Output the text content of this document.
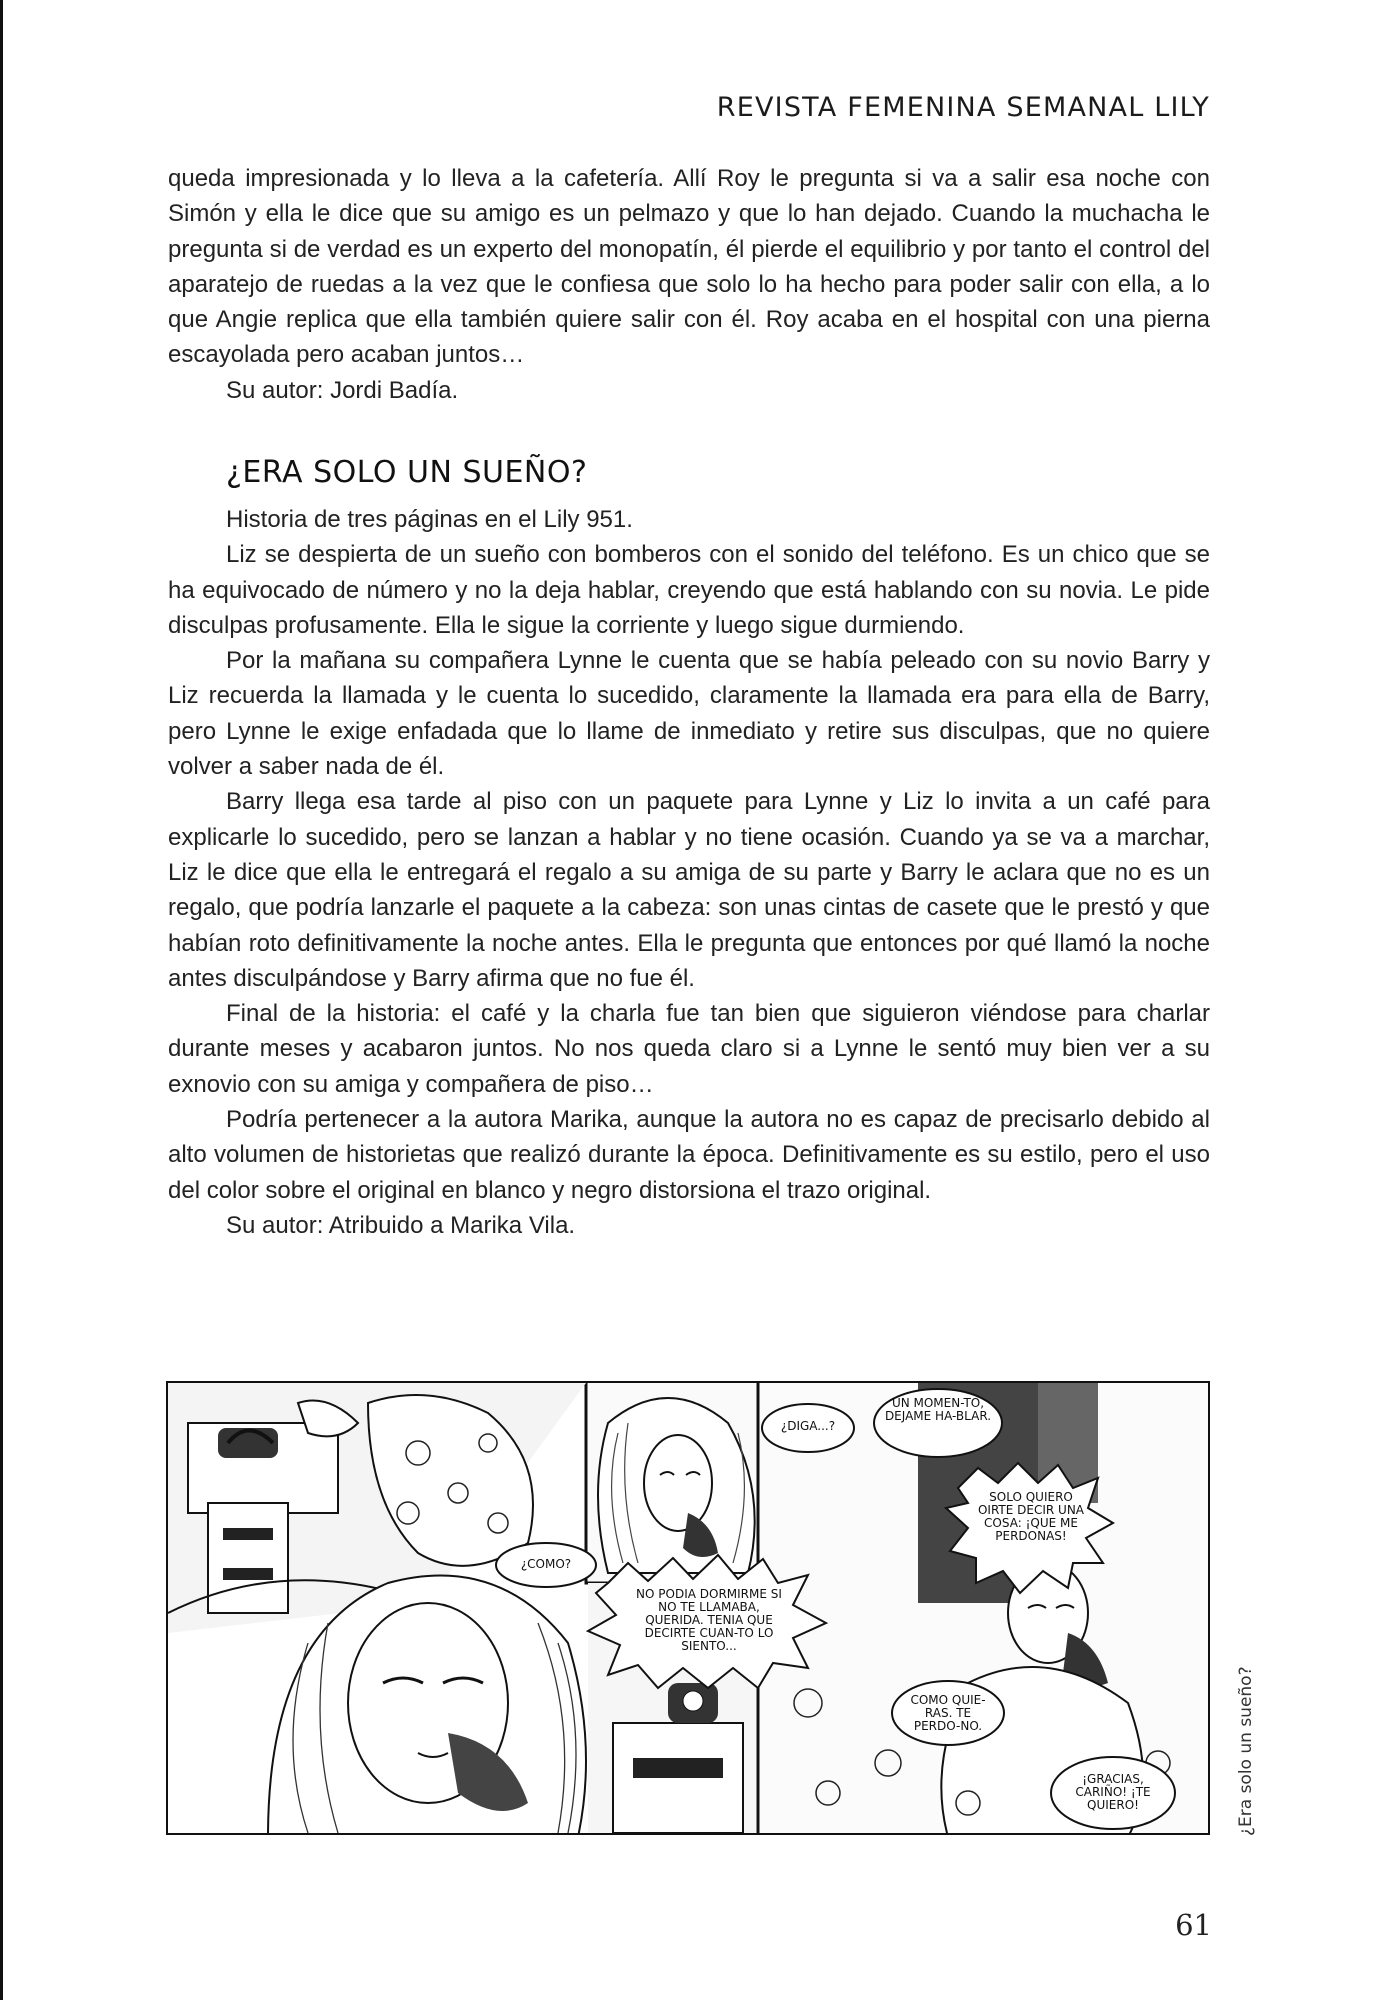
REVISTA FEMENINA SEMANAL LILY

queda impresionada y lo lleva a la cafetería. Allí Roy le pregunta si va a salir esa noche con Simón y ella le dice que su amigo es un pelmazo y que lo han dejado. Cuando la muchacha le pregunta si de verdad es un experto del monopatín, él pierde el equilibrio y por tanto el control del aparatejo de ruedas a la vez que le confiesa que solo lo ha hecho para poder salir con ella, a lo que Angie replica que ella también quiere salir con él. Roy acaba en el hospital con una pierna escayolada pero acaban juntos…

Su autor: Jordi Badía.

¿ERA SOLO UN SUEÑO?

Historia de tres páginas en el Lily 951.

Liz se despierta de un sueño con bomberos con el sonido del teléfono. Es un chico que se ha equivocado de número y no la deja hablar, creyendo que está hablando con su novia. Le pide disculpas profusamente. Ella le sigue la corriente y luego sigue durmiendo.

Por la mañana su compañera Lynne le cuenta que se había peleado con su novio Barry y Liz recuerda la llamada y le cuenta lo sucedido, claramente la llamada era para ella de Barry, pero Lynne le exige enfadada que lo llame de inmediato y retire sus disculpas, que no quiere volver a saber nada de él.

Barry llega esa tarde al piso con un paquete para Lynne y Liz lo invita a un café para explicarle lo sucedido, pero se lanzan a hablar y no tiene ocasión. Cuando ya se va a marchar, Liz le dice que ella le entregará el regalo a su amiga de su parte y Barry le aclara que no es un regalo, que podría lanzarle el paquete a la cabeza: son unas cintas de casete que le prestó y que habían roto definitivamente la noche antes. Ella le pregunta que entonces por qué llamó la noche antes disculpándose y Barry afirma que no fue él.

Final de la historia: el café y la charla fue tan bien que siguieron viéndose para charlar durante meses y acabaron juntos. No nos queda claro si a Lynne le sentó muy bien ver a su exnovio con su amiga y compañera de piso…

Podría pertenecer a la autora Marika, aunque la autora no es capaz de precisarlo debido al alto volumen de historietas que realizó durante la época. Definitivamente es su estilo, pero el uso del color sobre el original en blanco y negro distorsiona el trazo original.

Su autor: Atribuido a Marika Vila.

¿DIGA...?
UN MOMEN-TO, DEJAME HA-BLAR.
SOLO QUIERO OIRTE DECIR UNA COSA: ¡QUE ME PERDONAS!
¿COMO?
NO PODIA DORMIRME SI NO TE LLAMABA, QUERIDA. TENIA QUE DECIRTE CUAN-TO LO SIENTO...
COMO QUIE-RAS. TE PERDO-NO.
¡GRACIAS, CARIÑO! ¡TE QUIERO!	¿Era solo un sueño?
61
